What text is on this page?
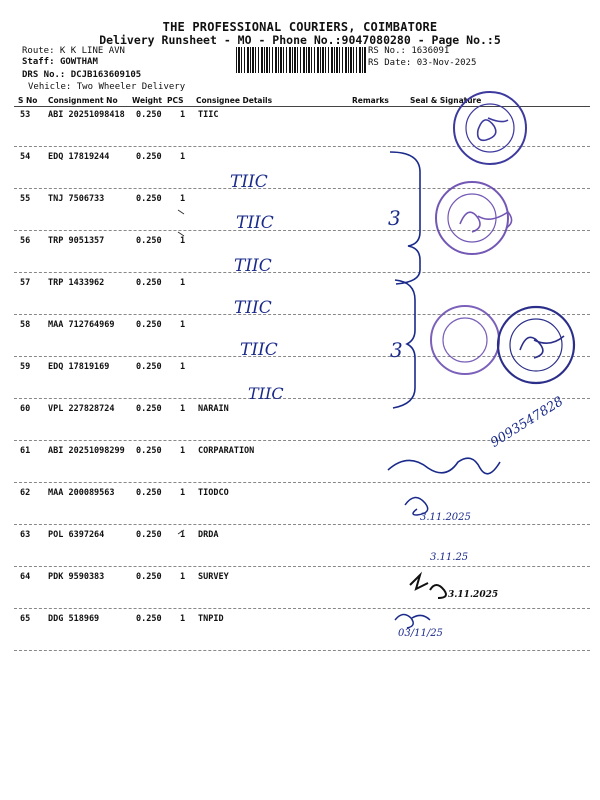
THE PROFESSIONAL COURIERS, COIMBATORE
Delivery Runsheet - MO - Phone No.:9047080280 - Page No.:5
Route: K K LINE AVN
Staff: GOWTHAM
DRS No.: DCJB163609105
Vehicle: Two Wheeler Delivery
RS No.: 1636091
RS Date: 03-Nov-2025
S No Consignment No Weight PCS Consignee Details	Remarks	Seal & Signature
53 ABI 20251098418 0.250 1 TIIC
54 EDQ 17819244	0.250 1
55 TNJ 7506733	0.250 1
56 TRP 9051357	0.250 1
57 TRP 1433962	0.250 1
58 MAA 712764969	0.250 1
59 EDQ 17819169	0.250 1
60 VPL 227828724	0.250 1 NARAIN
61 ABI 20251098299 0.250 1 CORPARATION
62 MAA 200089563	0.250 1 TIODCO
63 POL 6397264	0.250 1 DRDA
64 PDK 9590383	0.250 1 SURVEY
65 DDG 518969	0.250 1 TNPID
TIIC
TIIC
TIIC
TIIC
TIIC
TIIC
3
3
9093547828
3.11.2025
3.11.25
3.11.2025
03/11/25
